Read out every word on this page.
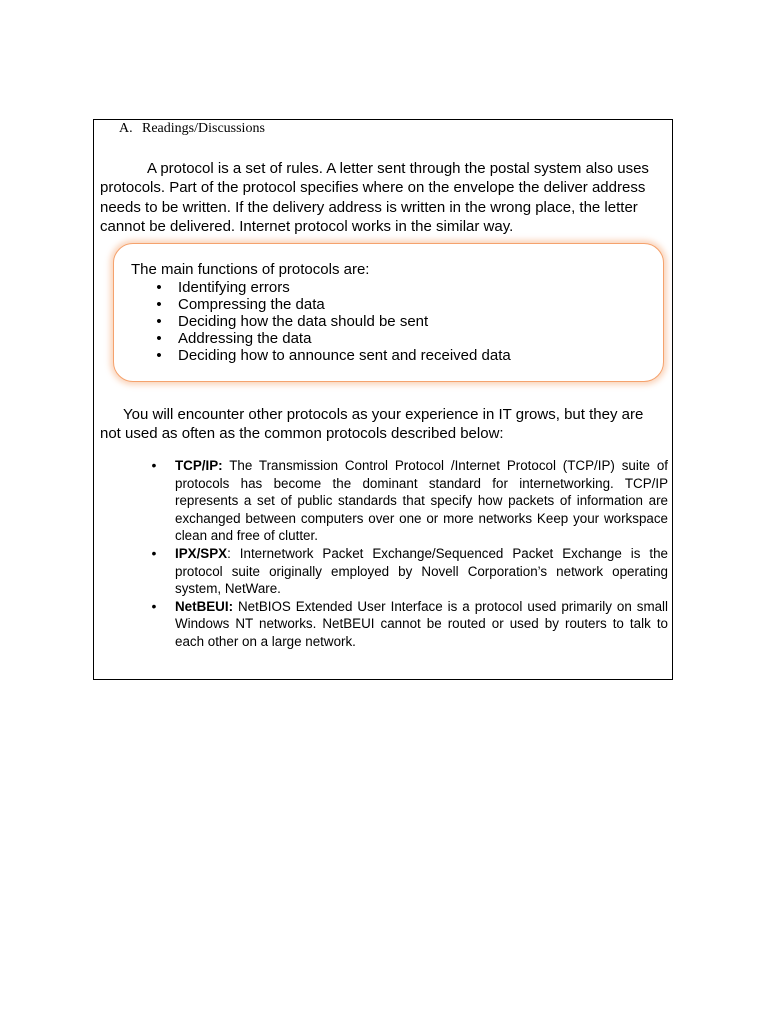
A. Readings/Discussions

A protocol is a set of rules. A letter sent through the postal system also uses protocols. Part of the protocol specifies where on the envelope the deliver address needs to be written. If the delivery address is written in the wrong place, the letter cannot be delivered. Internet protocol works in the similar way.

The main functions of protocols are:
• Identifying errors
• Compressing the data
• Deciding how the data should be sent
• Addressing the data
• Deciding how to announce sent and received data

You will encounter other protocols as your experience in IT grows, but they are not used as often as the common protocols described below:

• TCP/IP: The Transmission Control Protocol /Internet Protocol (TCP/IP) suite of protocols has become the dominant standard for internetworking. TCP/IP represents a set of public standards that specify how packets of information are exchanged between computers over one or more networks Keep your workspace clean and free of clutter.
• IPX/SPX: Internetwork Packet Exchange/Sequenced Packet Exchange is the protocol suite originally employed by Novell Corporation’s network operating system, NetWare.
• NetBEUI: NetBIOS Extended User Interface is a protocol used primarily on small Windows NT networks. NetBEUI cannot be routed or used by routers to talk to each other on a large network.
